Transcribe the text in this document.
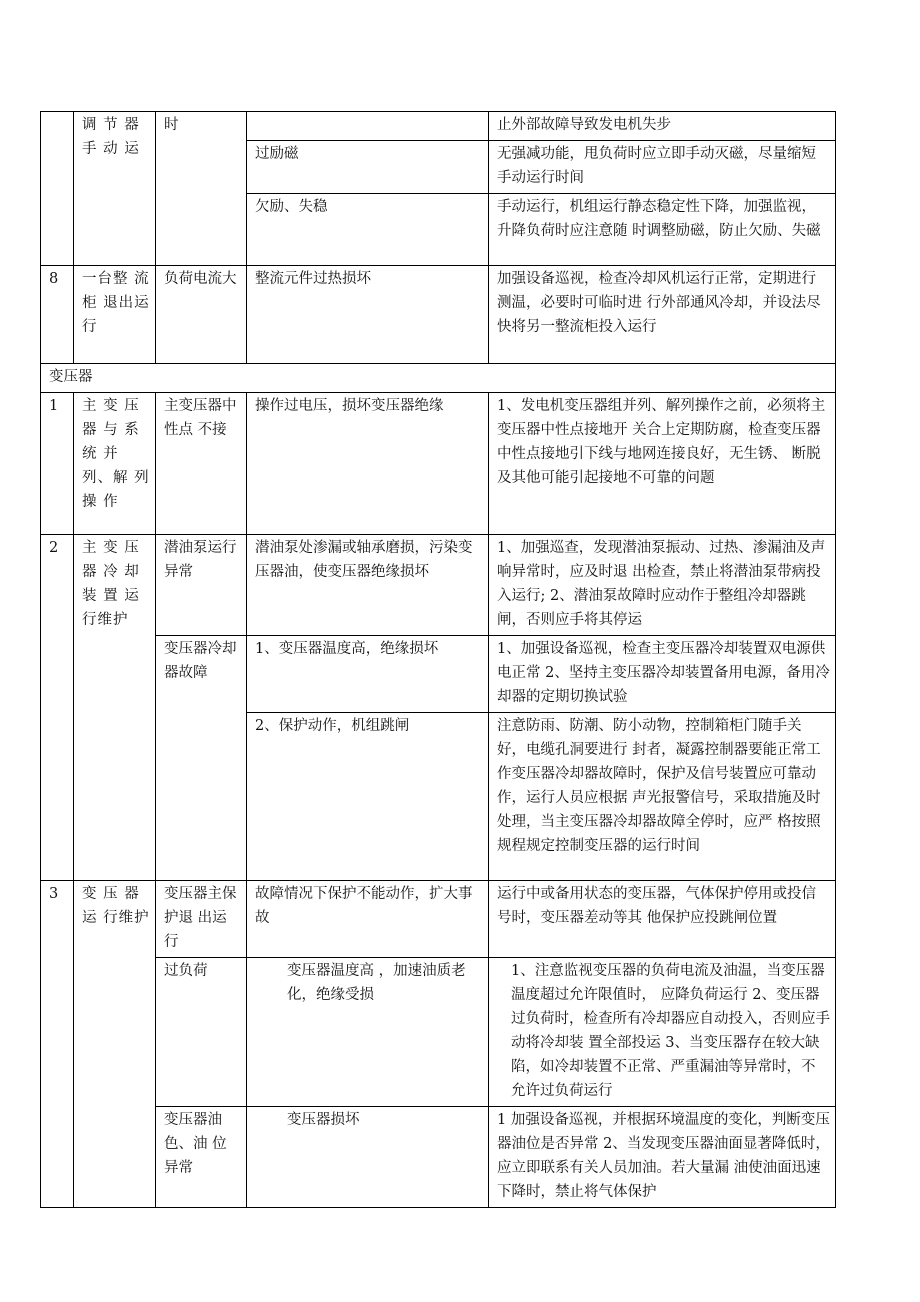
	调 节 器 手 动 运	时		止外部故障导致发电机失步
			过励磁	无强减功能，甩负荷时应立即手动灭磁，尽量缩短手动运行时间
			欠励、失稳	手动运行，机组运行静态稳定性下降，加强监视，升降负荷时应注意随 时调整励磁，防止欠励、失磁
8	一台整 流 柜 退出运行	负荷电流大	整流元件过热损坏	加强设备巡视，检查冷却风机运行正常，定期进行测温，必要时可临时进 行外部通风冷却，并设法尽快将另一整流柜投入运行
变压器				
1	主 变 压 器 与 系 统 并 列、解 列操 作	主变压器中性点 不接	操作过电压，损坏变压器绝缘	1、发电机变压器组并列、解列操作之前，必须将主变压器中性点接地开 关合上定期防腐，检查变压器中性点接地引下线与地网连接良好，无生锈、 断脱及其他可能引起接地不可靠的问题
2	主 变 压 器 冷 却 装 置 运行维护	潜油泵运行异常	潜油泵处渗漏或轴承磨损，污染变压器油，使变压器绝缘损坏	1、加强巡查，发现潜油泵振动、过热、渗漏油及声响异常时，应及时退 出检查，禁止将潜油泵带病投入运行; 2、潜油泵故障时应动作于整组冷却器跳闸，否则应手将其停运
		变压器冷却器故障	1、变压器温度高，绝缘损坏	1、加强设备巡视，检查主变压器冷却装置双电源供电正常 2、坚持主变压器冷却装置备用电源，备用冷却器的定期切换试验
			2、保护动作，机组跳闸	注意防雨、防潮、防小动物，控制箱柜门随手关好，电缆孔洞要进行 封者，凝露控制器要能正常工作变压器冷却器故障时，保护及信号装置应可靠动作，运行人员应根据 声光报警信号，采取措施及时处理，当主变压器冷却器故障全停时，应严 格按照规程规定控制变压器的运行时间
3	变 压 器 运 行维护	变压器主保护退 出运行	故障情况下保护不能动作，扩大事故	运行中或备用状态的变压器，气体保护停用或投信号时，变压器差动等其 他保护应投跳闸位置
		过负荷	变压器温度高 ，加速油质老 化，绝缘受损	1、注意监视变压器的负荷电流及油温，当变压器温度超过允许限值时， 应降负荷运行 2、变压器过负荷时，检查所有冷却器应自动投入，否则应手动将冷却装 置全部投运 3、当变压器存在较大缺陷，如冷却装置不正常、严重漏油等异常时，不 允许过负荷运行
		变压器油色、油 位异常	变压器损坏	1 加强设备巡视，并根据环境温度的变化，判断变压器油位是否异常 2、当发现变压器油面显著降低时，应立即联系有关人员加油。若大量漏 油使油面迅速下降时，禁止将气体保护
